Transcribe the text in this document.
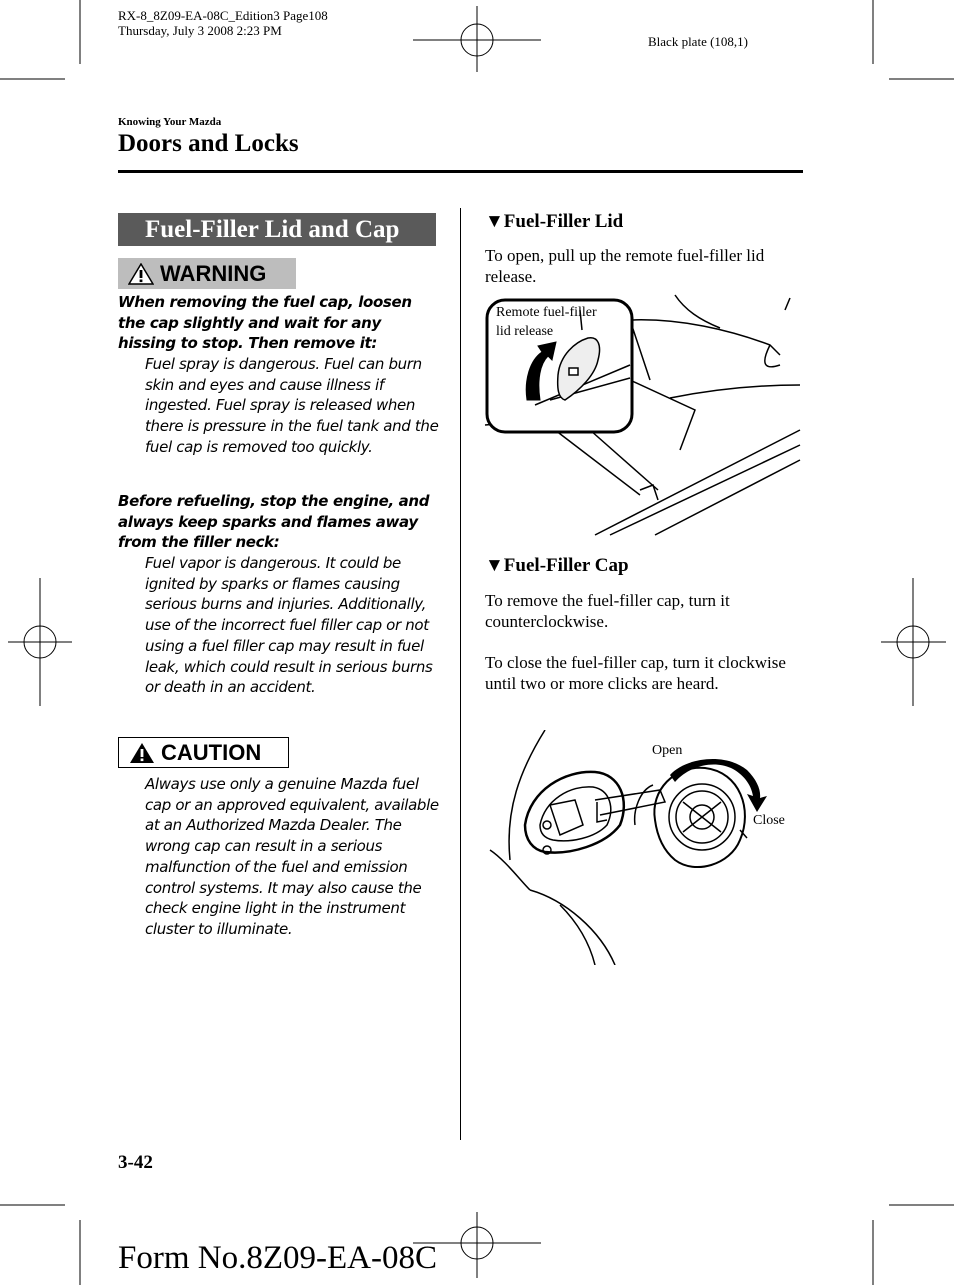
RX-8_8Z09-EA-08C_Edition3 Page108
Thursday, July 3 2008 2:23 PM
Black plate (108,1)
Knowing Your Mazda
Doors and Locks
Fuel-Filler Lid and Cap
WARNING
When removing the fuel cap, loosen the cap slightly and wait for any hissing to stop. Then remove it:
Fuel spray is dangerous. Fuel can burn skin and eyes and cause illness if ingested. Fuel spray is released when there is pressure in the fuel tank and the fuel cap is removed too quickly.
Before refueling, stop the engine, and always keep sparks and flames away from the filler neck:
Fuel vapor is dangerous. It could be ignited by sparks or flames causing serious burns and injuries. Additionally, use of the incorrect fuel filler cap or not using a fuel filler cap may result in fuel leak, which could result in serious burns or death in an accident.
CAUTION
Always use only a genuine Mazda fuel cap or an approved equivalent, available at an Authorized Mazda Dealer. The wrong cap can result in a serious malfunction of the fuel and emission control systems. It may also cause the check engine light in the instrument cluster to illuminate.
▼Fuel-Filler Lid
To open, pull up the remote fuel-filler lid release.
Remote fuel-filler
lid release
▼Fuel-Filler Cap
To remove the fuel-filler cap, turn it counterclockwise.
To close the fuel-filler cap, turn it clockwise until two or more clicks are heard.
Open
Close
3-42
Form No.8Z09-EA-08C
